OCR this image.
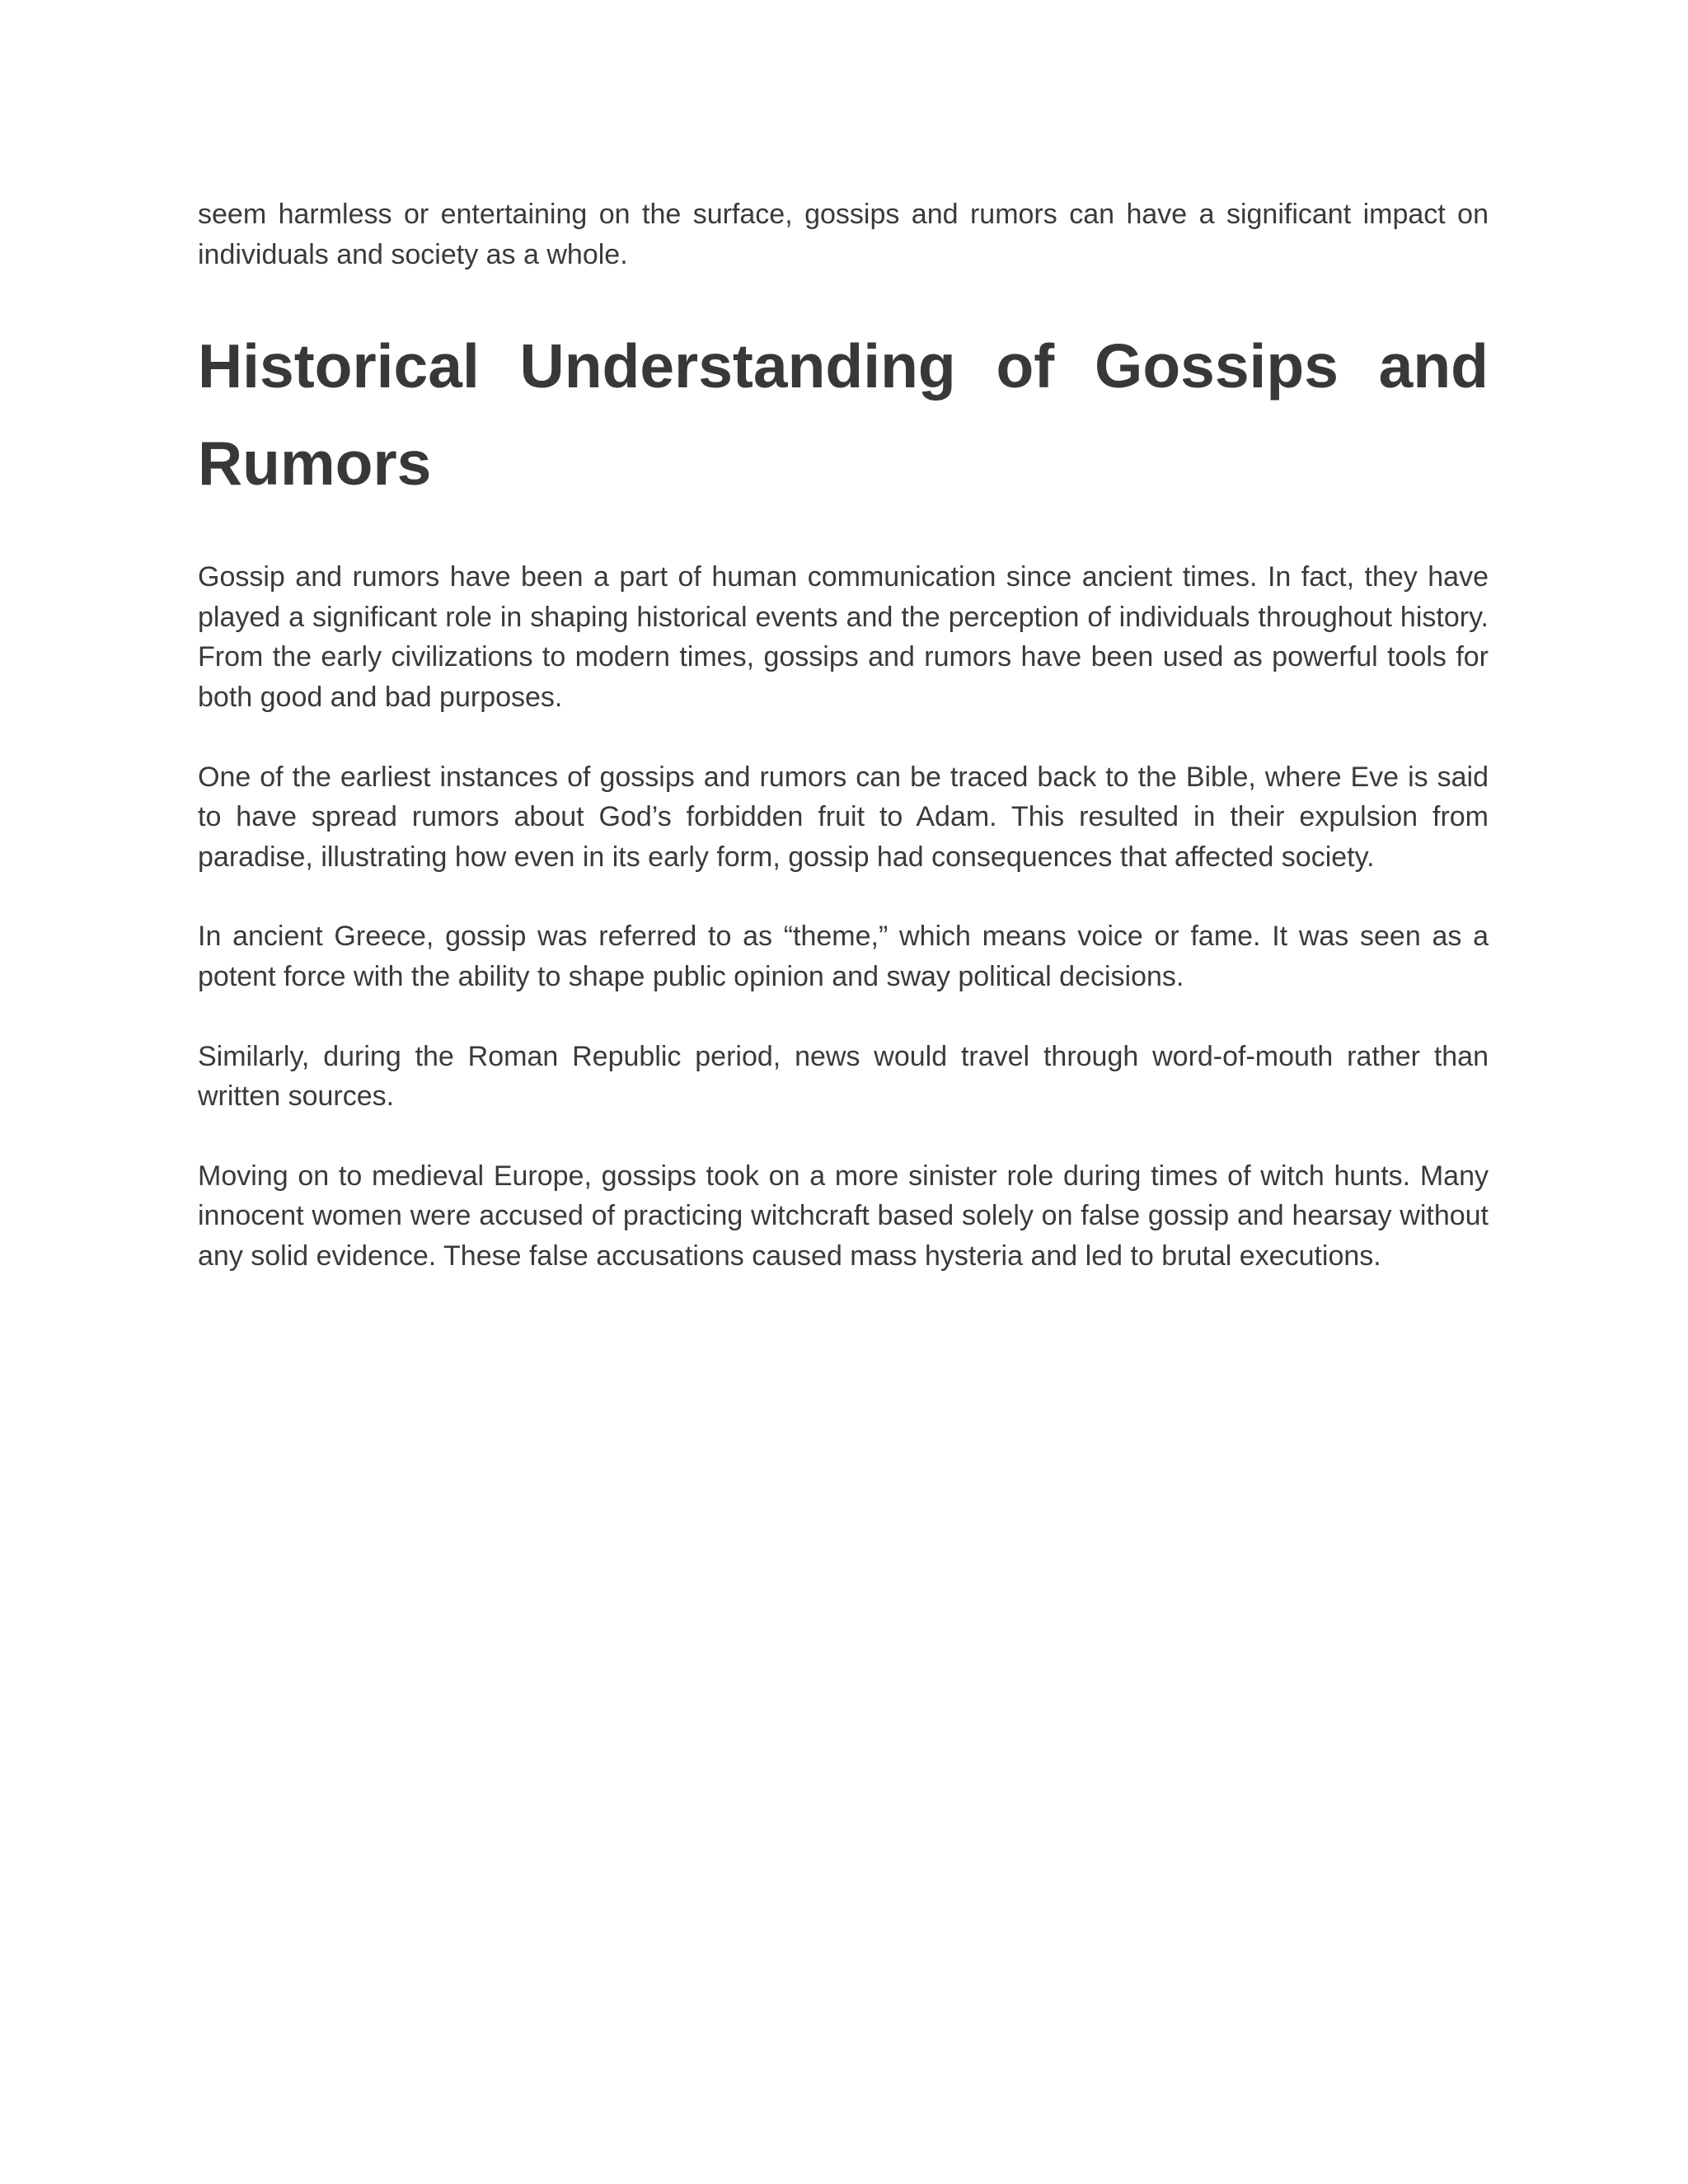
seem harmless or entertaining on the surface, gossips and rumors can have a significant impact on individuals and society as a whole.

Historical Understanding of Gossips and Rumors

Gossip and rumors have been a part of human communication since ancient times. In fact, they have played a significant role in shaping historical events and the perception of individuals throughout history. From the early civilizations to modern times, gossips and rumors have been used as powerful tools for both good and bad purposes.

One of the earliest instances of gossips and rumors can be traced back to the Bible, where Eve is said to have spread rumors about God’s forbidden fruit to Adam. This resulted in their expulsion from paradise, illustrating how even in its early form, gossip had consequences that affected society.

In ancient Greece, gossip was referred to as “theme,” which means voice or fame. It was seen as a potent force with the ability to shape public opinion and sway political decisions.

Similarly, during the Roman Republic period, news would travel through word-of-mouth rather than written sources.

Moving on to medieval Europe, gossips took on a more sinister role during times of witch hunts. Many innocent women were accused of practicing witchcraft based solely on false gossip and hearsay without any solid evidence. These false accusations caused mass hysteria and led to brutal executions.
